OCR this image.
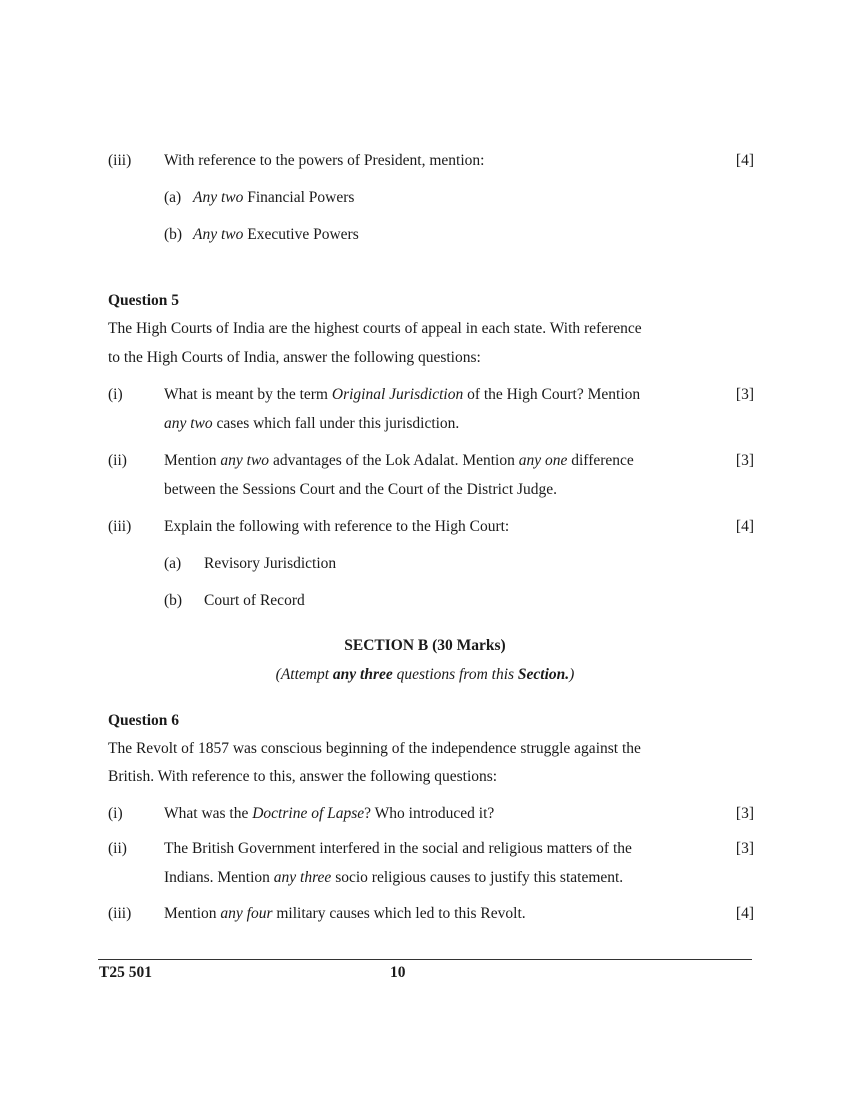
(iii) With reference to the powers of President, mention:	[4]
(a) Any two Financial Powers
(b) Any two Executive Powers
Question 5
The High Courts of India are the highest courts of appeal in each state. With reference
to the High Courts of India, answer the following questions:
(i)	What is meant by the term Original Jurisdiction of the High Court? Mention	[3]
any two cases which fall under this jurisdiction.
(ii) Mention any two advantages of the Lok Adalat. Mention any one difference	[3]
between the Sessions Court and the Court of the District Judge.
(iii) Explain the following with reference to the High Court:	[4]
(a) Revisory Jurisdiction
(b) Court of Record
SECTION B (30 Marks)
(Attempt any three questions from this Section.)
Question 6
The Revolt of 1857 was conscious beginning of the independence struggle against the
British. With reference to this, answer the following questions:
(i)	What was the Doctrine of Lapse? Who introduced it?	[3]
(ii) The British Government interfered in the social and religious matters of the	[3]
Indians. Mention any three socio religious causes to justify this statement.
(iii) Mention any four military causes which led to this Revolt.	[4]
T25 501	10
